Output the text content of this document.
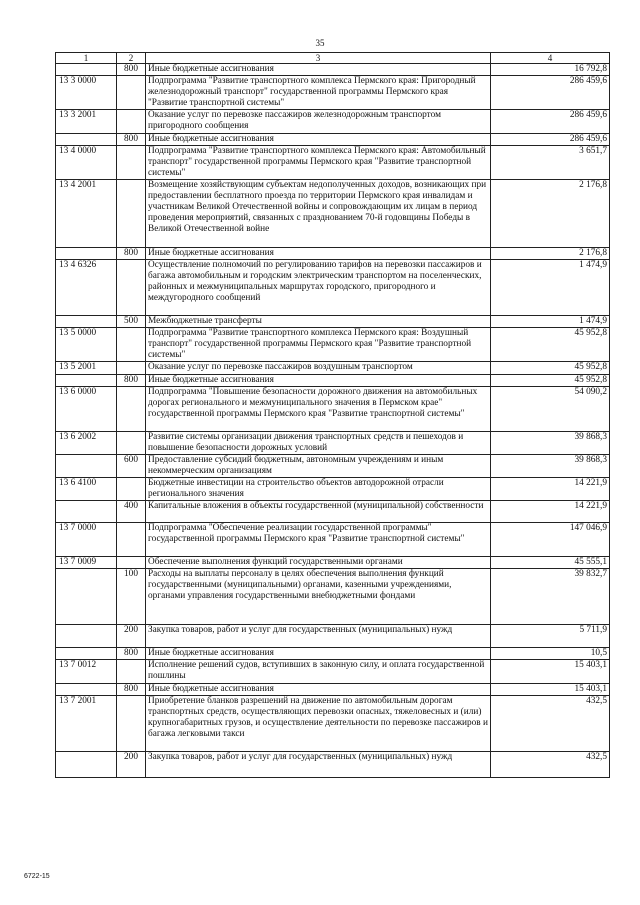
35
1	2	3	4
	800	Иные бюджетные ассигнования	16 792,8
13 3 0000		Подпрограмма "Развитие транспортного комплекса Пермского края: Пригородный железнодорожный транспорт" государственной программы Пермского края "Развитие транспортной системы"	286 459,6
13 3 2001		Оказание услуг по перевозке пассажиров железнодорожным транспортом пригородного сообщения	286 459,6
	800	Иные бюджетные ассигнования	286 459,6
13 4 0000		Подпрограмма "Развитие транспортного комплекса Пермского края: Автомобильный транспорт" государственной программы Пермского края "Развитие транспортной системы"	3 651,7
13 4 2001		Возмещение хозяйствующим субъектам недополученных доходов, возникающих при предоставлении бесплатного проезда по территории Пермского края инвалидам и участникам Великой Отечественной войны и сопровождающим их лицам в период проведения мероприятий, связанных с празднованием 70-й годовщины Победы в Великой Отечественной войне	2 176,8
	800	Иные бюджетные ассигнования	2 176,8
13 4 6326		Осуществление полномочий по регулированию тарифов на перевозки пассажиров и багажа автомобильным и городским электрическим транспортом на поселенческих, районных и межмуниципальных маршрутах городского, пригородного и междугородного сообщений	1 474,9
	500	Межбюджетные трансферты	1 474,9
13 5 0000		Подпрограмма "Развитие транспортного комплекса Пермского края: Воздушный транспорт" государственной программы Пермского края "Развитие транспортной системы"	45 952,8
13 5 2001		Оказание услуг по перевозке пассажиров воздушным транспортом	45 952,8
	800	Иные бюджетные ассигнования	45 952,8
13 6 0000		Подпрограмма "Повышение безопасности дорожного движения на автомобильных дорогах регионального и межмуниципального значения в Пермском крае" государственной программы Пермского края "Развитие транспортной системы"	54 090,2
13 6 2002		Развитие системы организации движения транспортных средств и пешеходов и повышение безопасности дорожных условий	39 868,3
	600	Предоставление субсидий бюджетным, автономным учреждениям и иным некоммерческим организациям	39 868,3
13 6 4100		Бюджетные инвестиции на строительство объектов автодорожной отрасли регионального значения	14 221,9
	400	Капитальные вложения в объекты государственной (муниципальной) собственности	14 221,9
13 7 0000		Подпрограмма "Обеспечение реализации государственной программы" государственной программы Пермского края "Развитие транспортной системы"	147 046,9
13 7 0009		Обеспечение выполнения функций государственными органами	45 555,1
	100	Расходы на выплаты персоналу в целях обеспечения выполнения функций государственными (муниципальными) органами, казенными учреждениями, органами управления государственными внебюджетными фондами	39 832,7
	200	Закупка товаров, работ и услуг для государственных (муниципальных) нужд	5 711,9
	800	Иные бюджетные ассигнования	10,5
13 7 0012		Исполнение решений судов, вступивших в законную силу, и оплата государственной пошлины	15 403,1
	800	Иные бюджетные ассигнования	15 403,1
13 7 2001		Приобретение бланков разрешений на движение по автомобильным дорогам транспортных средств, осуществляющих перевозки опасных, тяжеловесных и (или) крупногабаритных грузов, и осуществление деятельности по перевозке пассажиров и багажа легковыми такси	432,5
	200	Закупка товаров, работ и услуг для государственных (муниципальных) нужд	432,5
6722-15
